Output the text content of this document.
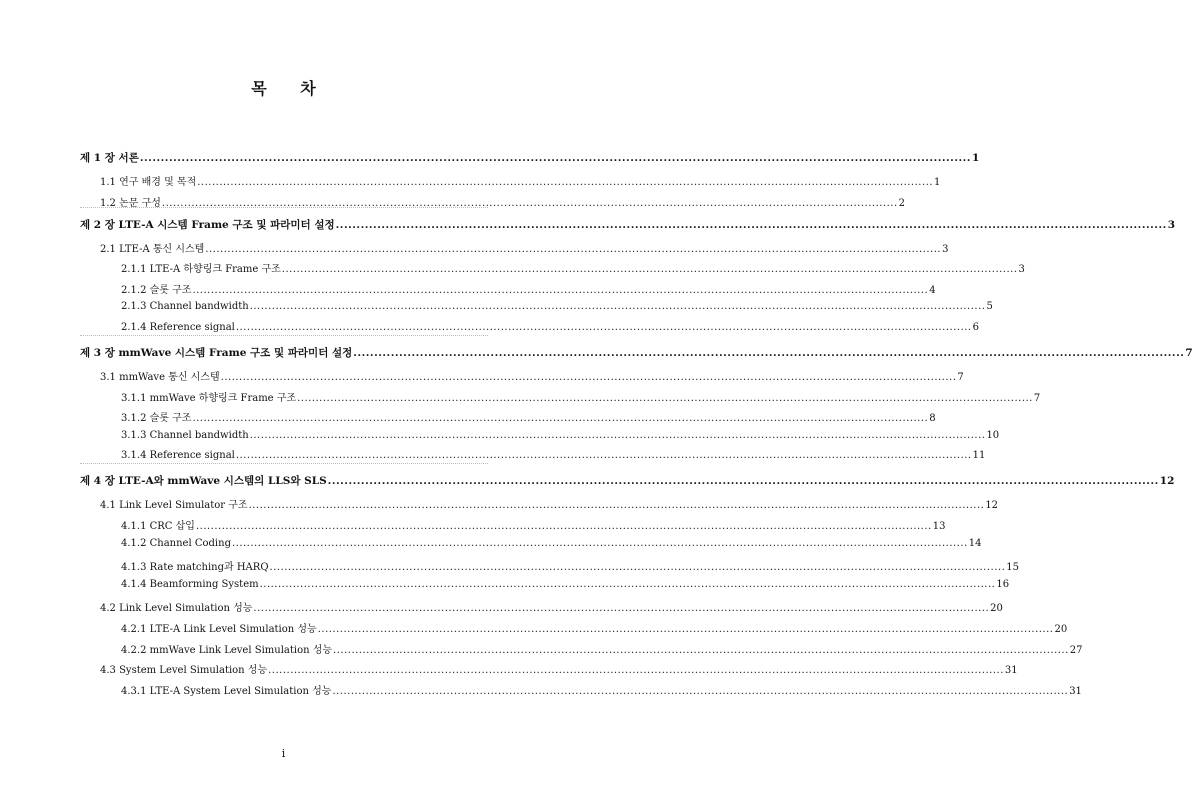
목 차
제 1 장 서론 ........................................................................................................................................................................................................ 1
1.1 연구 배경 및 목적 ........................................................................................................................................................................................................ 1
1.2 논문 구성 ........................................................................................................................................................................................................ 2
제 2 장 LTE-A 시스템 Frame 구조 및 파라미터 설정 ........................................................................................................................................................................................................ 3
2.1 LTE-A 통신 시스템 ........................................................................................................................................................................................................ 3
2.1.1 LTE-A 하향링크 Frame 구조 ........................................................................................................................................................................................................ 3
2.1.2 슬롯 구조 ........................................................................................................................................................................................................ 4
2.1.3 Channel bandwidth ........................................................................................................................................................................................................ 5
2.1.4 Reference signal ........................................................................................................................................................................................................ 6
제 3 장 mmWave 시스템 Frame 구조 및 파라미터 설정 ........................................................................................................................................................................................................ 7
3.1 mmWave 통신 시스템 ........................................................................................................................................................................................................ 7
3.1.1 mmWave 하향링크 Frame 구조 ........................................................................................................................................................................................................ 7
3.1.2 슬롯 구조 ........................................................................................................................................................................................................ 8
3.1.3 Channel bandwidth ........................................................................................................................................................................................................ 10
3.1.4 Reference signal ........................................................................................................................................................................................................ 11
제 4 장 LTE-A와 mmWave 시스템의 LLS와 SLS ........................................................................................................................................................................................................ 12
4.1 Link Level Simulator 구조 ........................................................................................................................................................................................................ 12
4.1.1 CRC 삽입 ........................................................................................................................................................................................................ 13
4.1.2 Channel Coding ........................................................................................................................................................................................................ 14
4.1.3 Rate matching과 HARQ ........................................................................................................................................................................................................ 15
4.1.4 Beamforming System ........................................................................................................................................................................................................ 16
4.2 Link Level Simulation 성능 ........................................................................................................................................................................................................ 20
4.2.1 LTE-A Link Level Simulation 성능 ........................................................................................................................................................................................................ 20
4.2.2 mmWave Link Level Simulation 성능 ........................................................................................................................................................................................................ 27
4.3 System Level Simulation 성능 ........................................................................................................................................................................................................ 31
4.3.1 LTE-A System Level Simulation 성능 ........................................................................................................................................................................................................ 31
i
